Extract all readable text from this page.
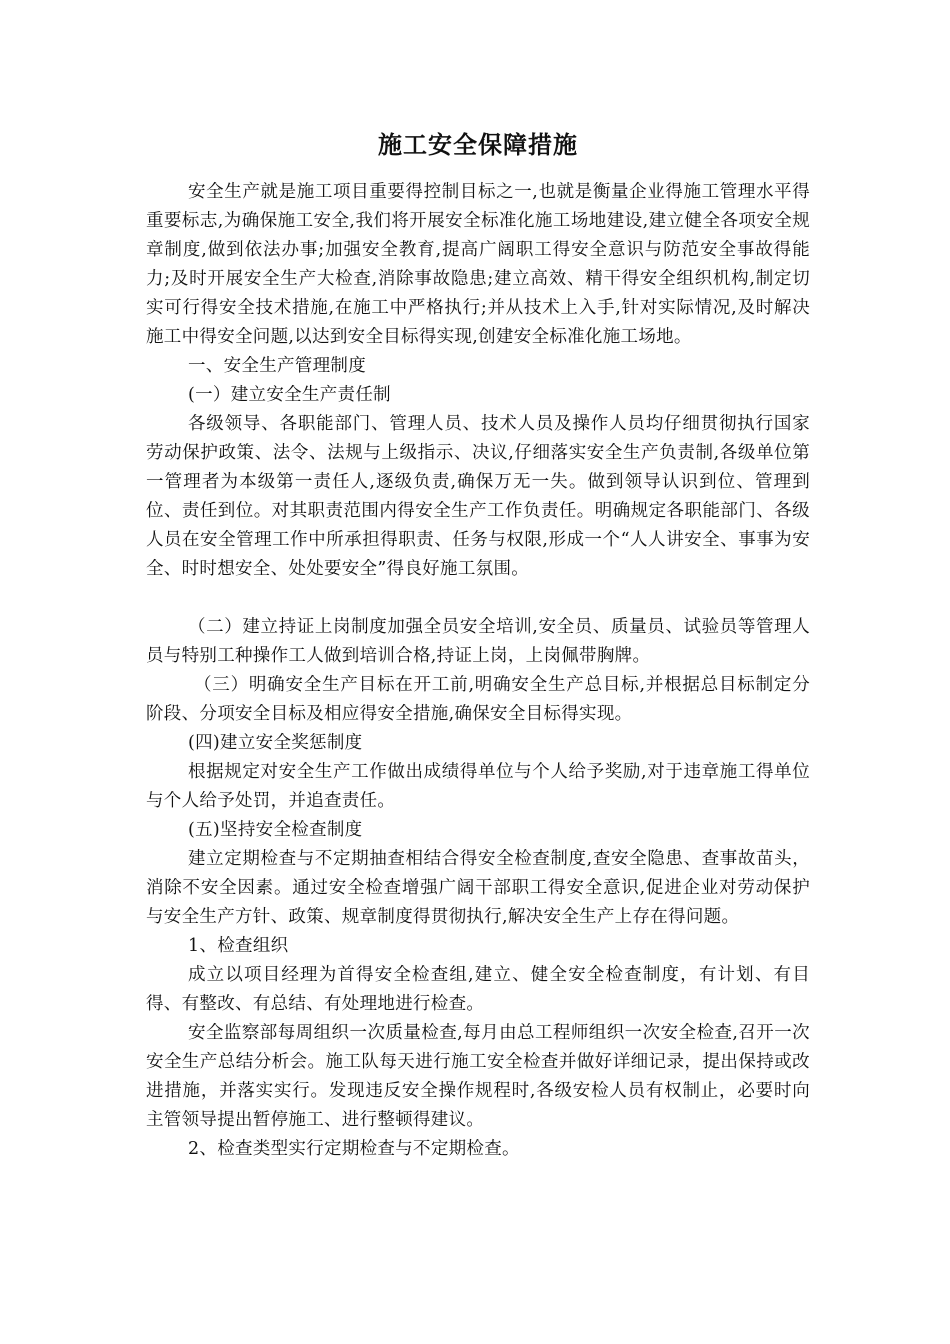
施工安全保障措施

安全生产就是施工项目重要得控制目标之一,也就是衡量企业得施工管理水平得重要标志,为确保施工安全,我们将开展安全标准化施工场地建设,建立健全各项安全规章制度,做到依法办事;加强安全教育,提高广阔职工得安全意识与防范安全事故得能力;及时开展安全生产大检查,消除事故隐患;建立高效、精干得安全组织机构,制定切实可行得安全技术措施,在施工中严格执行;并从技术上入手,针对实际情况,及时解决施工中得安全问题,以达到安全目标得实现,创建安全标准化施工场地。

一、安全生产管理制度

(一）建立安全生产责任制

各级领导、各职能部门、管理人员、技术人员及操作人员均仔细贯彻执行国家劳动保护政策、法令、法规与上级指示、决议,仔细落实安全生产负责制,各级单位第一管理者为本级第一责任人,逐级负责,确保万无一失。做到领导认识到位、管理到位、责任到位。对其职责范围内得安全生产工作负责任。明确规定各职能部门、各级人员在安全管理工作中所承担得职责、任务与权限,形成一个“人人讲安全、事事为安全、时时想安全、处处要安全”得良好施工氛围。

（二）建立持证上岗制度加强全员安全培训,安全员、质量员、试验员等管理人员与特别工种操作工人做到培训合格,持证上岗，上岗佩带胸牌。

（三）明确安全生产目标在开工前,明确安全生产总目标,并根据总目标制定分阶段、分项安全目标及相应得安全措施,确保安全目标得实现。

(四)建立安全奖惩制度

根据规定对安全生产工作做出成绩得单位与个人给予奖励,对于违章施工得单位与个人给予处罚，并追查责任。

(五)坚持安全检查制度

建立定期检查与不定期抽查相结合得安全检查制度,查安全隐患、查事故苗头，消除不安全因素。通过安全检查增强广阔干部职工得安全意识,促进企业对劳动保护与安全生产方针、政策、规章制度得贯彻执行,解决安全生产上存在得问题。

1、检查组织

成立以项目经理为首得安全检查组,建立、健全安全检查制度，有计划、有目得、有整改、有总结、有处理地进行检查。

安全监察部每周组织一次质量检查,每月由总工程师组织一次安全检查,召开一次安全生产总结分析会。施工队每天进行施工安全检查并做好详细记录，提出保持或改进措施，并落实实行。发现违反安全操作规程时,各级安检人员有权制止，必要时向主管领导提出暂停施工、进行整顿得建议。

2、检查类型实行定期检查与不定期检查。
